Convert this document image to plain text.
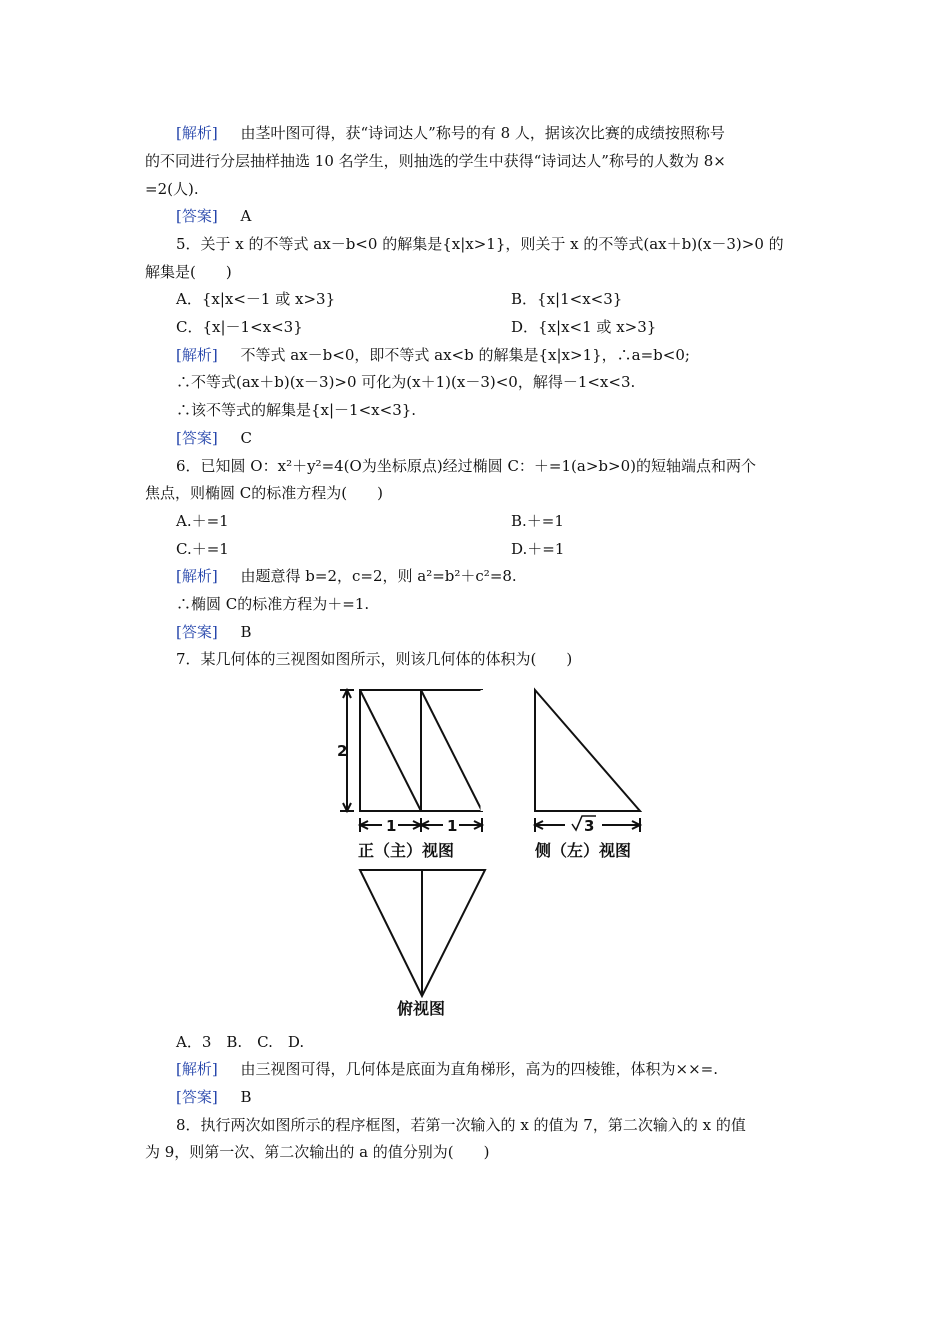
[解析] 由茎叶图可得，获“诗词达人”称号的有 8 人，据该次比赛的成绩按照称号
的不同进行分层抽样抽选 10 名学生，则抽选的学生中获得“诗词达人”称号的人数为 8×
=2(人).
[答案] A
5．关于 x 的不等式 ax－b<0 的解集是{x|x>1}，则关于 x 的不等式(ax＋b)(x－3)>0 的
解集是(　　)
A．{x|x<－1 或 x>3}	B．{x|1<x<3}
C．{x|－1<x<3}	D．{x|x<1 或 x>3}
[解析] 不等式 ax－b<0，即不等式 ax<b 的解集是{x|x>1}，∴a=b<0;
∴不等式(ax＋b)(x－3)>0 可化为(x＋1)(x－3)<0，解得－1<x<3.
∴该不等式的解集是{x|－1<x<3}.
[答案] C
6．已知圆 O：x²＋y²=4(O为坐标原点)经过椭圆 C：＋=1(a>b>0)的短轴端点和两个
焦点，则椭圆 C的标准方程为(　　)
A.＋=1	B.＋=1
C.＋=1	D.＋=1
[解析] 由题意得 b=2，c=2，则 a²=b²＋c²=8.
∴椭圆 C的标准方程为＋=1.
[答案] B
7．某几何体的三视图如图所示，则该几何体的体积为(　　)
2
1	1	3
正（主）视图	侧（左）视图
俯视图
A．3　B.　C.　D.
[解析] 由三视图可得，几何体是底面为直角梯形，高为的四棱锥，体积为××=.
[答案] B
8．执行两次如图所示的程序框图，若第一次输入的 x 的值为 7，第二次输入的 x 的值
为 9，则第一次、第二次输出的 a 的值分别为(　　)
